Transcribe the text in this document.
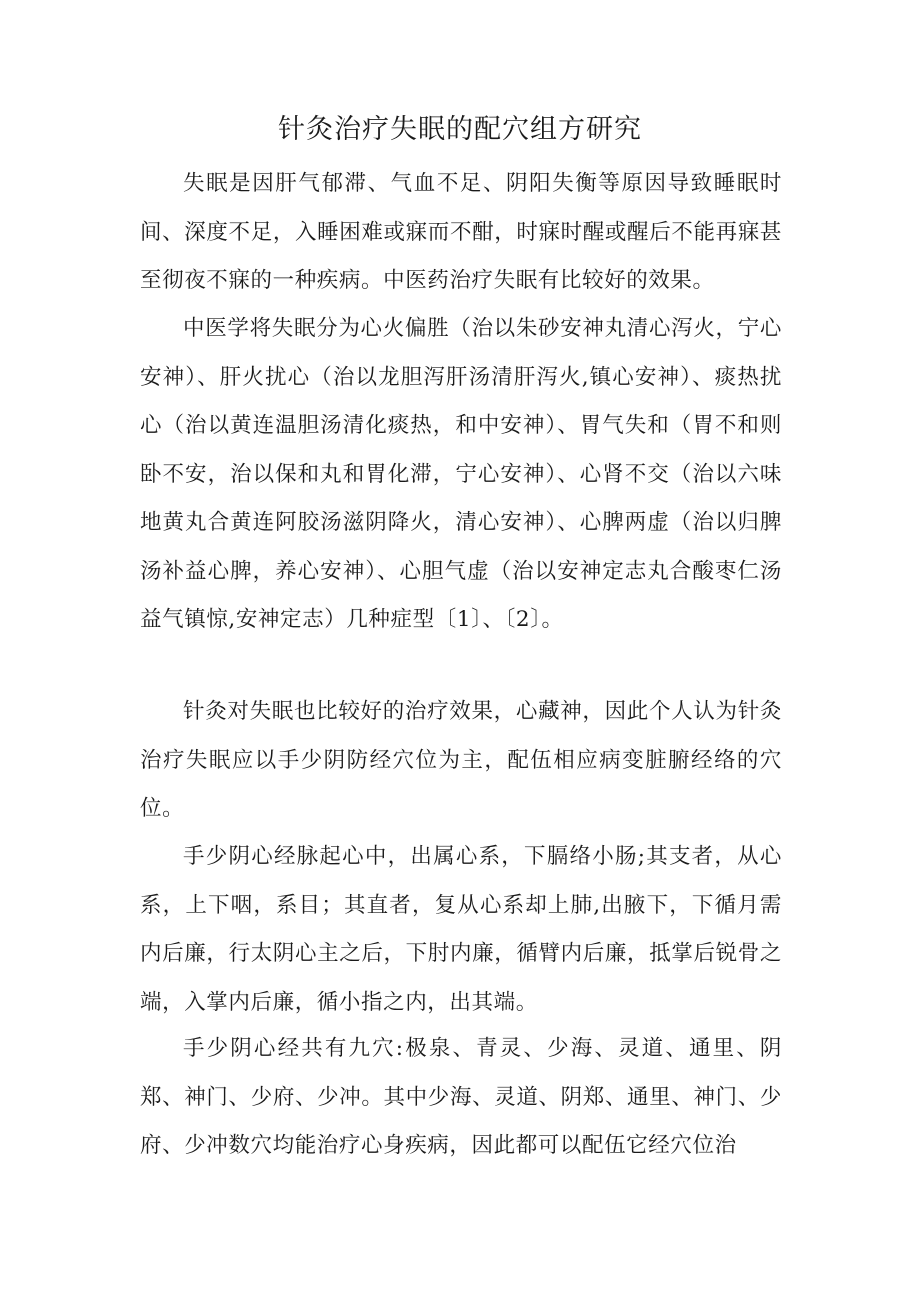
针灸治疗失眠的配穴组方研究

失眠是因肝气郁滞、气血不足、阴阳失衡等原因导致睡眠时间、深度不足，入睡困难或寐而不酣，时寐时醒或醒后不能再寐甚至彻夜不寐的一种疾病。中医药治疗失眠有比较好的效果。

中医学将失眠分为心火偏胜（治以朱砂安神丸清心泻火，宁心安神）、肝火扰心（治以龙胆泻肝汤清肝泻火,镇心安神）、痰热扰心（治以黄连温胆汤清化痰热，和中安神）、胃气失和（胃不和则卧不安，治以保和丸和胃化滞，宁心安神）、心肾不交（治以六味地黄丸合黄连阿胶汤滋阴降火，清心安神）、心脾两虚（治以归脾汤补益心脾，养心安神）、心胆气虚（治以安神定志丸合酸枣仁汤益气镇惊,安神定志）几种症型〔1〕、〔2〕。

针灸对失眠也比较好的治疗效果，心藏神，因此个人认为针灸治疗失眠应以手少阴防经穴位为主，配伍相应病变脏腑经络的穴位。

手少阴心经脉起心中，出属心系，下膈络小肠;其支者，从心系，上下咽，系目；其直者，复从心系却上肺,出腋下，下循月需内后廉，行太阴心主之后，下肘内廉，循臂内后廉，抵掌后锐骨之端，入掌内后廉，循小指之内，出其端。

手少阴心经共有九穴:极泉、青灵、少海、灵道、通里、阴郑、神门、少府、少冲。其中少海、灵道、阴郑、通里、神门、少府、少冲数穴均能治疗心身疾病，因此都可以配伍它经穴位治
